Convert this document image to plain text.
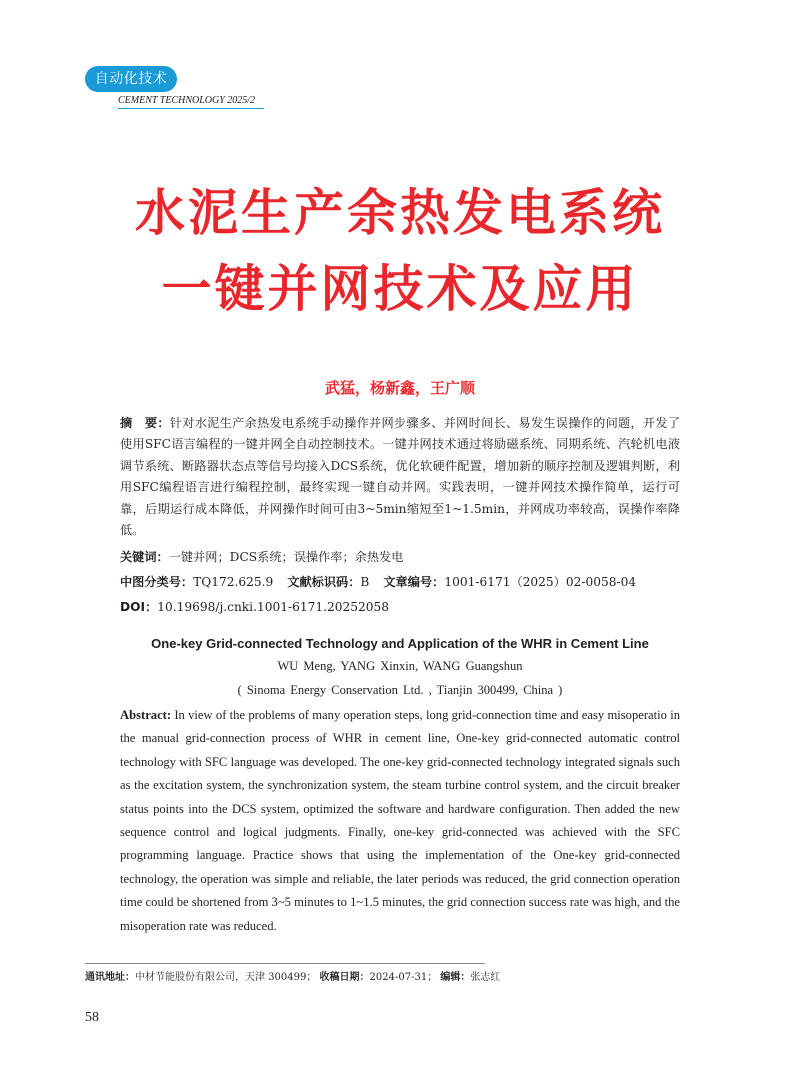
自动化技术
CEMENT TECHNOLOGY 2025/2
水泥生产余热发电系统
一键并网技术及应用
武猛，杨新鑫，王广顺
摘　要：针对水泥生产余热发电系统手动操作并网步骤多、并网时间长、易发生误操作的问题，开发了使用SFC语言编程的一键并网全自动控制技术。一键并网技术通过将励磁系统、同期系统、汽轮机电液调节系统、断路器状态点等信号均接入DCS系统，优化软硬件配置，增加新的顺序控制及逻辑判断，利用SFC编程语言进行编程控制，最终实现一键自动并网。实践表明，一键并网技术操作简单，运行可靠，后期运行成本降低，并网操作时间可由3~5min缩短至1~1.5min，并网成功率较高，误操作率降低。
关键词：一键并网；DCS系统；误操作率；余热发电
中图分类号：TQ172.625.9 文献标识码：B 文章编号：1001-6171（2025）02-0058-04
DOI：10.19698/j.cnki.1001-6171.20252058
One-key Grid-connected Technology and Application of the WHR in Cement Line
WU Meng, YANG Xinxin, WANG Guangshun
( Sinoma Energy Conservation Ltd. , Tianjin 300499, China )
Abstract: In view of the problems of many operation steps, long grid-connection time and easy misoperatio in the manual grid-connection process of WHR in cement line, One-key grid-connected automatic control technology with SFC language was developed. The one-key grid-connected technology integrated signals such as the excitation system, the synchronization system, the steam turbine control system, and the circuit breaker status points into the DCS system, optimized the software and hardware configuration. Then added the new sequence control and logical judgments. Finally, one-key grid-connected was achieved with the SFC programming language. Practice shows that using the implementation of the One-key grid-connected technology, the operation was simple and reliable, the later periods was reduced, the grid connection operation time could be shortened from 3~5 minutes to 1~1.5 minutes, the grid connection success rate was high, and the misoperation rate was reduced.
通讯地址：中材节能股份有限公司，天津 300499； 收稿日期：2024-07-31； 编辑：张志红
58
